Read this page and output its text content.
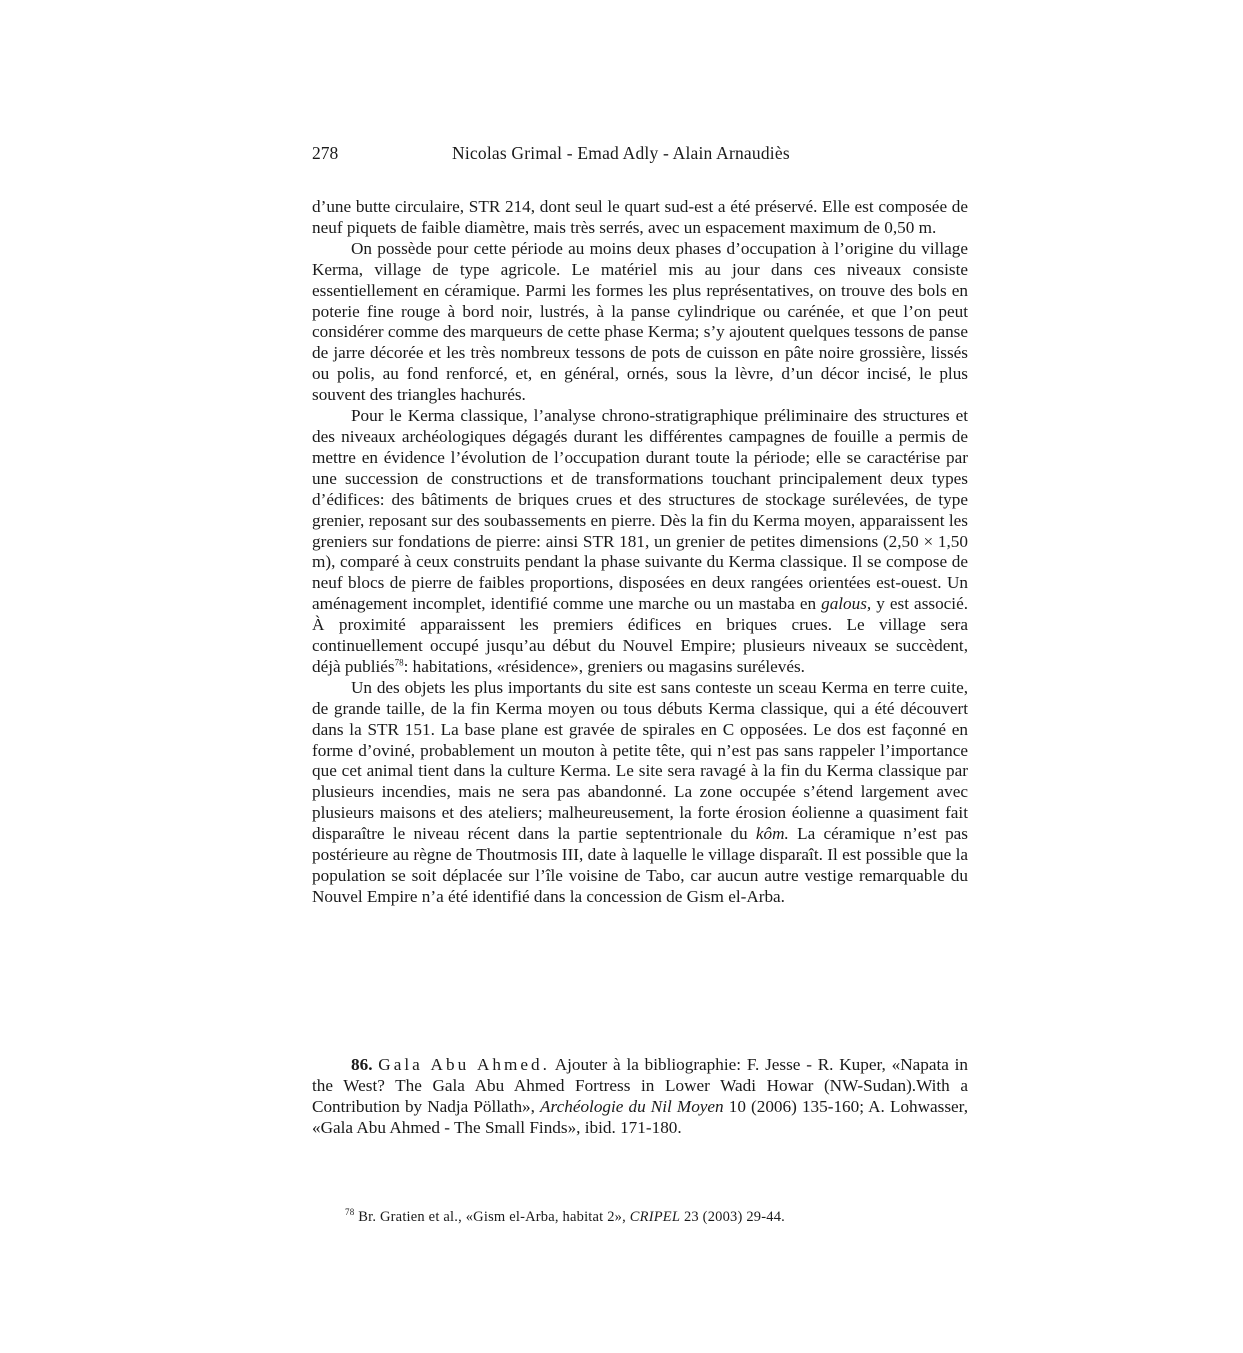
278	Nicolas Grimal - Emad Adly - Alain Arnaudiès

d’une butte circulaire, STR 214, dont seul le quart sud-est a été préservé. Elle est composée de neuf piquets de faible diamètre, mais très serrés, avec un espacement maximum de 0,50 m.

On possède pour cette période au moins deux phases d’occupation à l’origine du village Kerma, village de type agricole. Le matériel mis au jour dans ces niveaux consiste essentiellement en céramique. Parmi les formes les plus représentatives, on trouve des bols en poterie fine rouge à bord noir, lustrés, à la panse cylindrique ou carénée, et que l’on peut considérer comme des marqueurs de cette phase Kerma; s’y ajoutent quelques tessons de panse de jarre décorée et les très nombreux tessons de pots de cuisson en pâte noire grossière, lissés ou polis, au fond renforcé, et, en général, ornés, sous la lèvre, d’un décor incisé, le plus souvent des triangles hachurés.

Pour le Kerma classique, l’analyse chrono-stratigraphique préliminaire des structures et des niveaux archéologiques dégagés durant les différentes campagnes de fouille a permis de mettre en évidence l’évolution de l’occupation durant toute la période; elle se caractérise par une succession de constructions et de transformations touchant principalement deux types d’édifices: des bâtiments de briques crues et des structures de stockage surélevées, de type grenier, reposant sur des soubassements en pierre. Dès la fin du Kerma moyen, apparaissent les greniers sur fondations de pierre: ainsi STR 181, un grenier de petites dimensions (2,50 × 1,50 m), comparé à ceux construits pendant la phase suivante du Kerma classique. Il se compose de neuf blocs de pierre de faibles proportions, disposées en deux rangées orientées est-ouest. Un aménagement incomplet, identifié comme une marche ou un mastaba en galous, y est associé. À proximité apparaissent les premiers édifices en briques crues. Le village sera continuellement occupé jusqu’au début du Nouvel Empire; plusieurs niveaux se succèdent, déjà publiés$^{78}$: habitations, «résidence», greniers ou magasins surélevés.

Un des objets les plus importants du site est sans conteste un sceau Kerma en terre cuite, de grande taille, de la fin Kerma moyen ou tous débuts Kerma classique, qui a été découvert dans la STR 151. La base plane est gravée de spirales en C opposées. Le dos est façonné en forme d’oviné, probablement un mouton à petite tête, qui n’est pas sans rappeler l’importance que cet animal tient dans la culture Kerma. Le site sera ravagé à la fin du Kerma classique par plusieurs incendies, mais ne sera pas abandonné. La zone occupée s’étend largement avec plusieurs maisons et des ateliers; malheureusement, la forte érosion éolienne a quasiment fait disparaître le niveau récent dans la partie septentrionale du kôm. La céramique n’est pas postérieure au règne de Thoutmosis III, date à laquelle le village disparaît. Il est possible que la population se soit déplacée sur l’île voisine de Tabo, car aucun autre vestige remarquable du Nouvel Empire n’a été identifié dans la concession de Gism el-Arba.

86. Gala Abu Ahmed. Ajouter à la bibliographie: F. Jesse - R. Kuper, «Napata in the West? The Gala Abu Ahmed Fortress in Lower Wadi Howar (NW-Sudan).With a Contribution by Nadja Pöllath», Archéologie du Nil Moyen 10 (2006) 135-160; A. Lohwasser, «Gala Abu Ahmed - The Small Finds», ibid. 171-180.

$^{78}$ Br. Gratien et al., «Gism el-Arba, habitat 2», CRIPEL 23 (2003) 29-44.
